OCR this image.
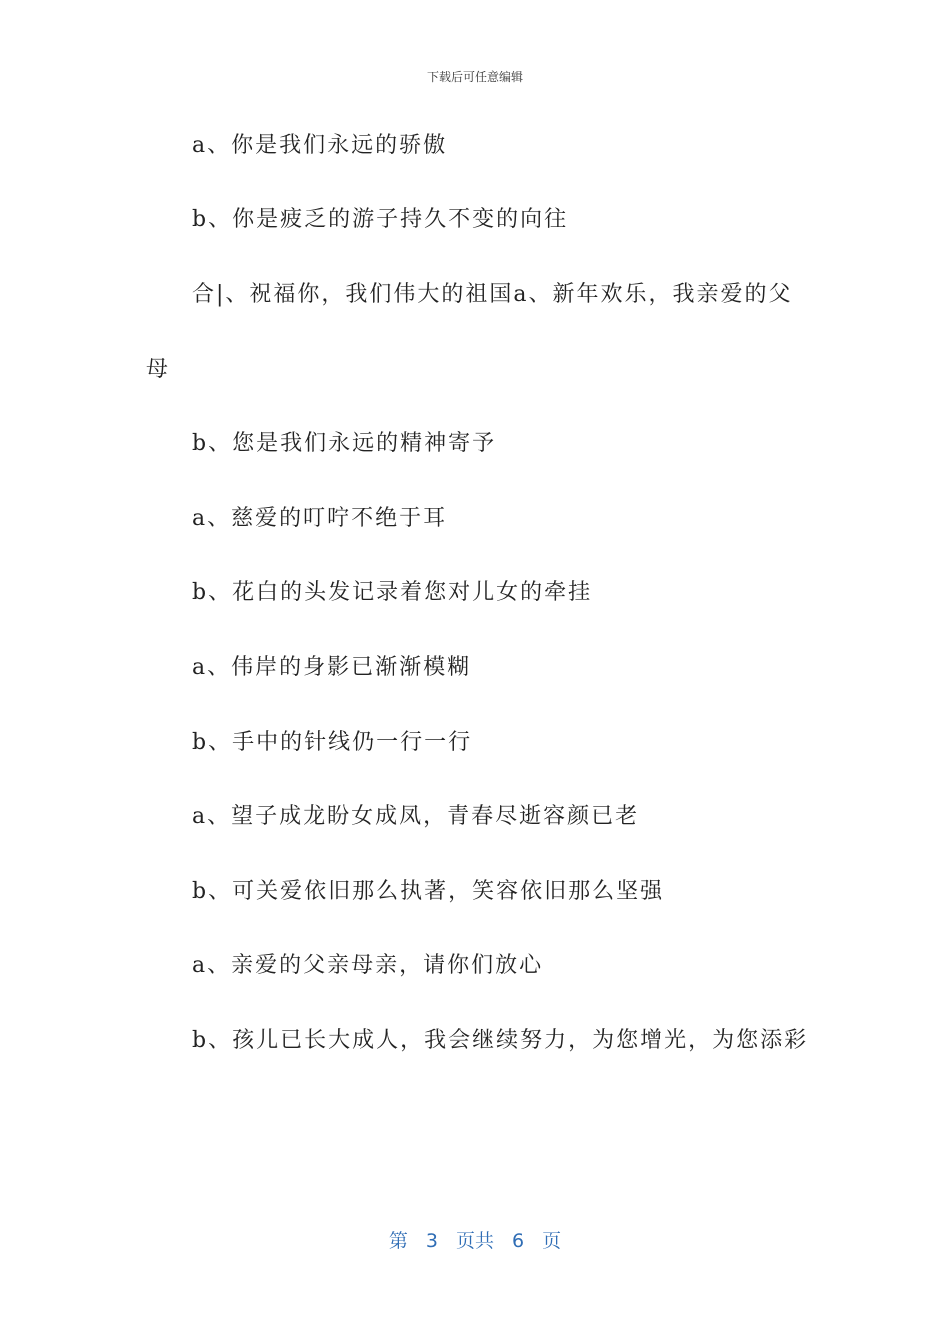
下载后可任意编辑
a、你是我们永远的骄傲
b、你是疲乏的游子持久不变的向往
合|、祝福你，我们伟大的祖国a、新年欢乐，我亲爱的父
母
b、您是我们永远的精神寄予
a、慈爱的叮咛不绝于耳
b、花白的头发记录着您对儿女的牵挂
a、伟岸的身影已渐渐模糊
b、手中的针线仍一行一行
a、望子成龙盼女成凤，青春尽逝容颜已老
b、可关爱依旧那么执著，笑容依旧那么坚强
a、亲爱的父亲母亲，请你们放心
b、孩儿已长大成人，我会继续努力，为您增光，为您添彩
第 3 页共 6 页
